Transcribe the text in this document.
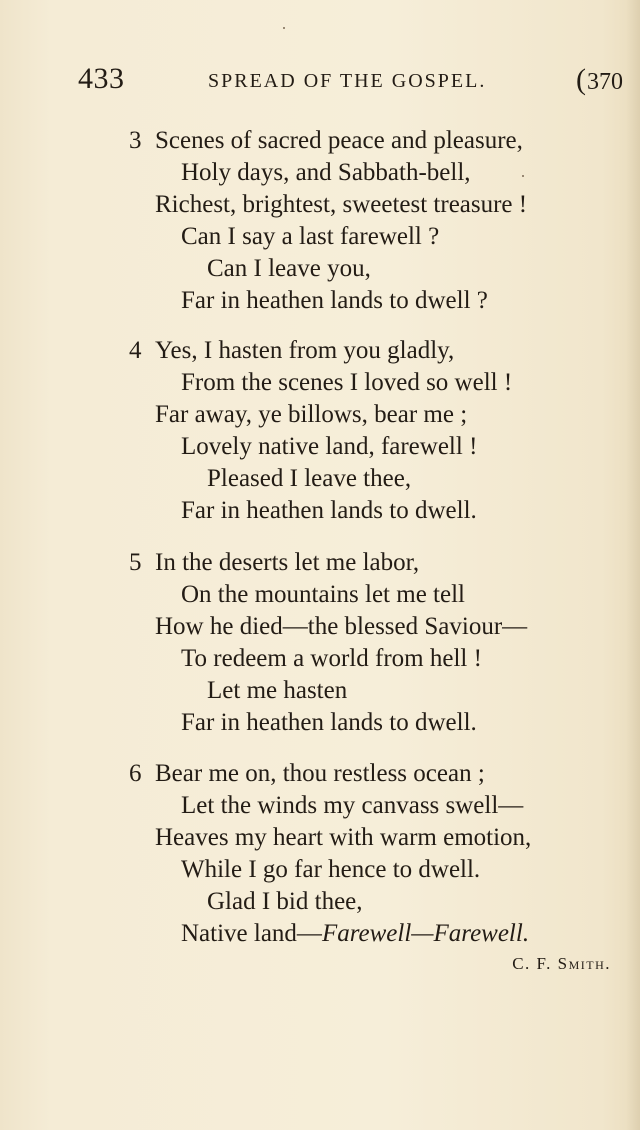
433	SPREAD OF THE GOSPEL.	(370
3 Scenes of sacred peace and pleasure,
Holy days, and Sabbath-bell,
Richest, brightest, sweetest treasure !
Can I say a last farewell ?
Can I leave you,
Far in heathen lands to dwell ?
4 Yes, I hasten from you gladly,
From the scenes I loved so well !
Far away, ye billows, bear me ;
Lovely native land, farewell !
Pleased I leave thee,
Far in heathen lands to dwell.
5 In the deserts let me labor,
On the mountains let me tell
How he died—the blessed Saviour—
To redeem a world from hell !
Let me hasten
Far in heathen lands to dwell.
6 Bear me on, thou restless ocean ;
Let the winds my canvass swell—
Heaves my heart with warm emotion,
While I go far hence to dwell.
Glad I bid thee,
Native land—Farewell—Farewell.
C. F. Smith.
